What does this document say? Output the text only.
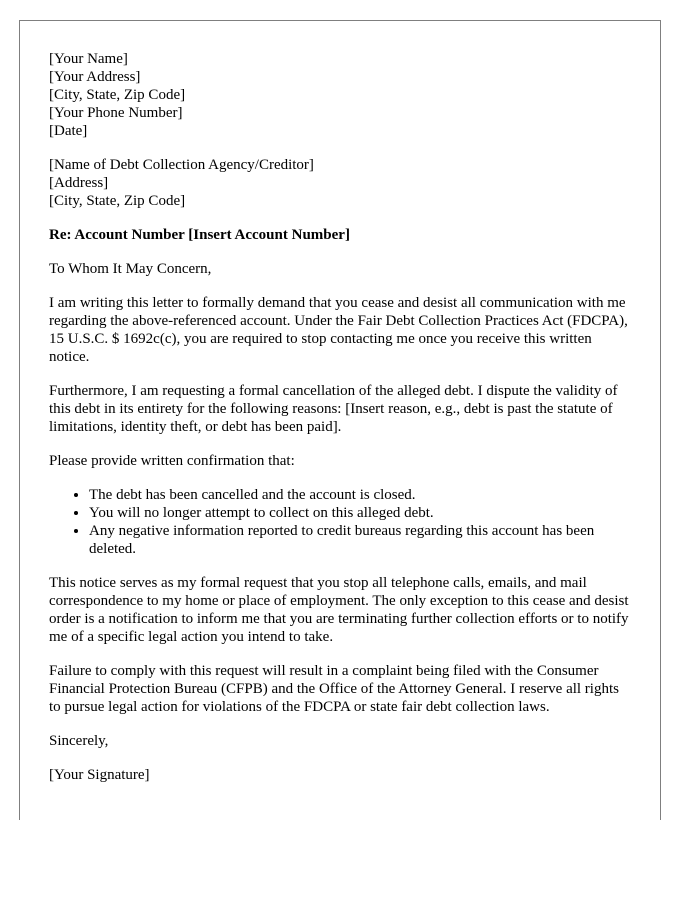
[Your Name]
[Your Address]
[City, State, Zip Code]
[Your Phone Number]
[Date]
[Name of Debt Collection Agency/Creditor]
[Address]
[City, State, Zip Code]
Re: Account Number [Insert Account Number]
To Whom It May Concern,

I am writing this letter to formally demand that you cease and desist all communication with me regarding the above-referenced account. Under the Fair Debt Collection Practices Act (FDCPA), 15 U.S.C. $ 1692c(c), you are required to stop contacting me once you receive this written notice.

Furthermore, I am requesting a formal cancellation of the alleged debt. I dispute the validity of this debt in its entirety for the following reasons: [Insert reason, e.g., debt is past the statute of limitations, identity theft, or debt has been paid].

Please provide written confirmation that:

• The debt has been cancelled and the account is closed.
• You will no longer attempt to collect on this alleged debt.
• Any negative information reported to credit bureaus regarding this account has been deleted.

This notice serves as my formal request that you stop all telephone calls, emails, and mail correspondence to my home or place of employment. The only exception to this cease and desist order is a notification to inform me that you are terminating further collection efforts or to notify me of a specific legal action you intend to take.

Failure to comply with this request will result in a complaint being filed with the Consumer Financial Protection Bureau (CFPB) and the Office of the Attorney General. I reserve all rights to pursue legal action for violations of the FDCPA or state fair debt collection laws.

Sincerely,
[Your Signature]
